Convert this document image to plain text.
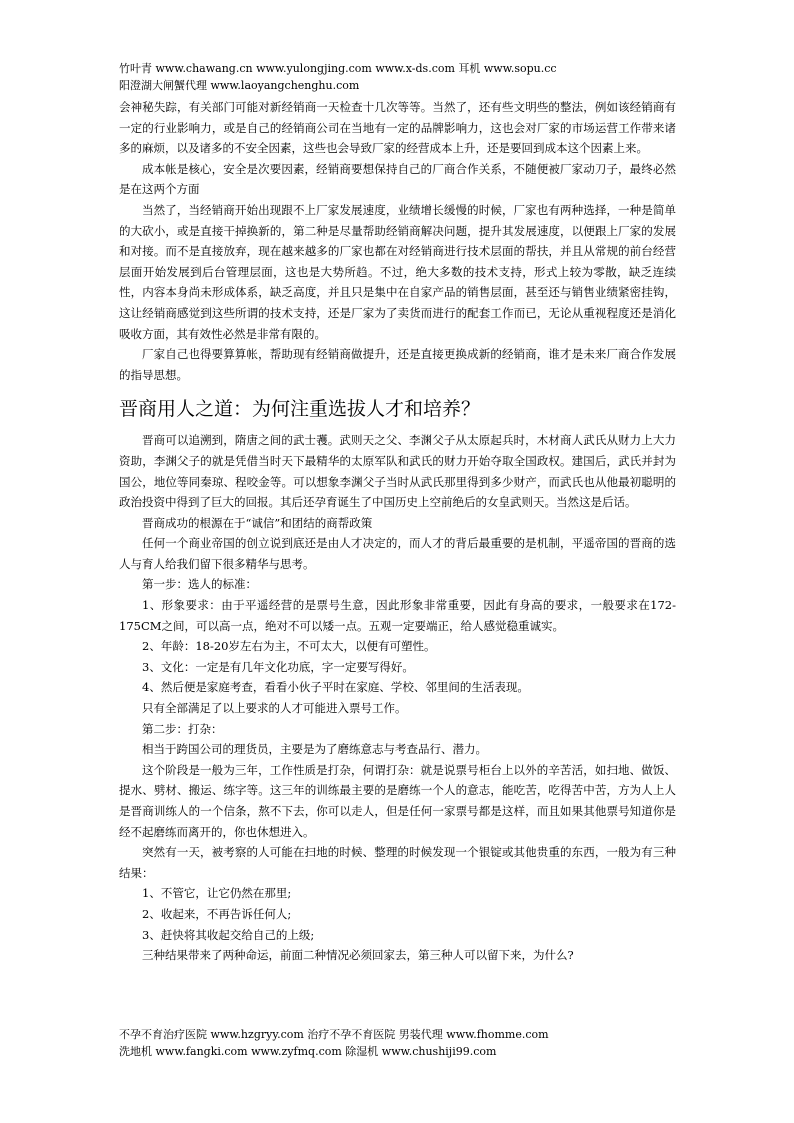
竹叶青 www.chawang.cn www.yulongjing.com www.x-ds.com 耳机 www.sopu.cc
阳澄湖大闸蟹代理 www.laoyangchenghu.com

会神秘失踪，有关部门可能对新经销商一天检查十几次等等。当然了，还有些文明些的整法，例如该经销商有一定的行业影响力，或是自己的经销商公司在当地有一定的品牌影响力，这也会对厂家的市场运营工作带来诸多的麻烦，以及诸多的不安全因素，这些也会导致厂家的经营成本上升，还是要回到成本这个因素上来。

成本帐是核心，安全是次要因素，经销商要想保持自己的厂商合作关系，不随便被厂家动刀子，最终必然是在这两个方面

当然了，当经销商开始出现跟不上厂家发展速度，业绩增长缓慢的时候，厂家也有两种选择，一种是简单的大砍小，或是直接干掉换新的，第二种是尽量帮助经销商解决问题，提升其发展速度，以便跟上厂家的发展和对接。而不是直接放弃，现在越来越多的厂家也都在对经销商进行技术层面的帮扶，并且从常规的前台经营层面开始发展到后台管理层面，这也是大势所趋。不过，绝大多数的技术支持，形式上较为零散，缺乏连续性，内容本身尚未形成体系，缺乏高度，并且只是集中在自家产品的销售层面，甚至还与销售业绩紧密挂钩，这让经销商感觉到这些所谓的技术支持，还是厂家为了卖货而进行的配套工作而已，无论从重视程度还是消化吸收方面，其有效性必然是非常有限的。

厂家自己也得要算算帐，帮助现有经销商做提升，还是直接更换成新的经销商，谁才是未来厂商合作发展的指导思想。

晋商用人之道：为何注重选拔人才和培养？

晋商可以追溯到，隋唐之间的武士彟。武则天之父、李渊父子从太原起兵时，木材商人武氏从财力上大力资助，李渊父子的就是凭借当时天下最精华的太原军队和武氏的财力开始夺取全国政权。建国后，武氏并封为国公，地位等同秦琼、程咬金等。可以想象李渊父子当时从武氏那里得到多少财产，而武氏也从他最初聪明的政治投资中得到了巨大的回报。其后还孕育诞生了中国历史上空前绝后的女皇武则天。当然这是后话。

晋商成功的根源在于“诚信”和团结的商帮政策

任何一个商业帝国的创立说到底还是由人才决定的，而人才的背后最重要的是机制，平遥帝国的晋商的选人与育人给我们留下很多精华与思考。

第一步：选人的标准：

1、形象要求：由于平遥经营的是票号生意，因此形象非常重要，因此有身高的要求，一般要求在172-175CM之间，可以高一点，绝对不可以矮一点。五观一定要端正，给人感觉稳重诚实。

2、年龄：18-20岁左右为主，不可太大，以便有可塑性。

3、文化：一定是有几年文化功底，字一定要写得好。

4、然后便是家庭考查，看看小伙子平时在家庭、学校、邻里间的生活表现。

只有全部满足了以上要求的人才可能进入票号工作。

第二步：打杂：

相当于跨国公司的理货员，主要是为了磨练意志与考查品行、潜力。

这个阶段是一般为三年，工作性质是打杂，何谓打杂：就是说票号柜台上以外的辛苦活，如扫地、做饭、提水、劈材、搬运、练字等。这三年的训练最主要的是磨练一个人的意志，能吃苦，吃得苦中苦，方为人上人是晋商训练人的一个信条，熬不下去，你可以走人，但是任何一家票号都是这样，而且如果其他票号知道你是经不起磨练而离开的，你也休想进入。

突然有一天，被考察的人可能在扫地的时候、整理的时候发现一个银锭或其他贵重的东西，一般为有三种结果：

1、不管它，让它仍然在那里;

2、收起来，不再告诉任何人;

3、赶快将其收起交给自己的上级;

三种结果带来了两种命运，前面二种情况必须回家去，第三种人可以留下来，为什么?

不孕不育治疗医院 www.hzgryy.com 治疗不孕不育医院 男装代理 www.fhomme.com
洗地机 www.fangki.com www.zyfmq.com 除湿机 www.chushiji99.com
